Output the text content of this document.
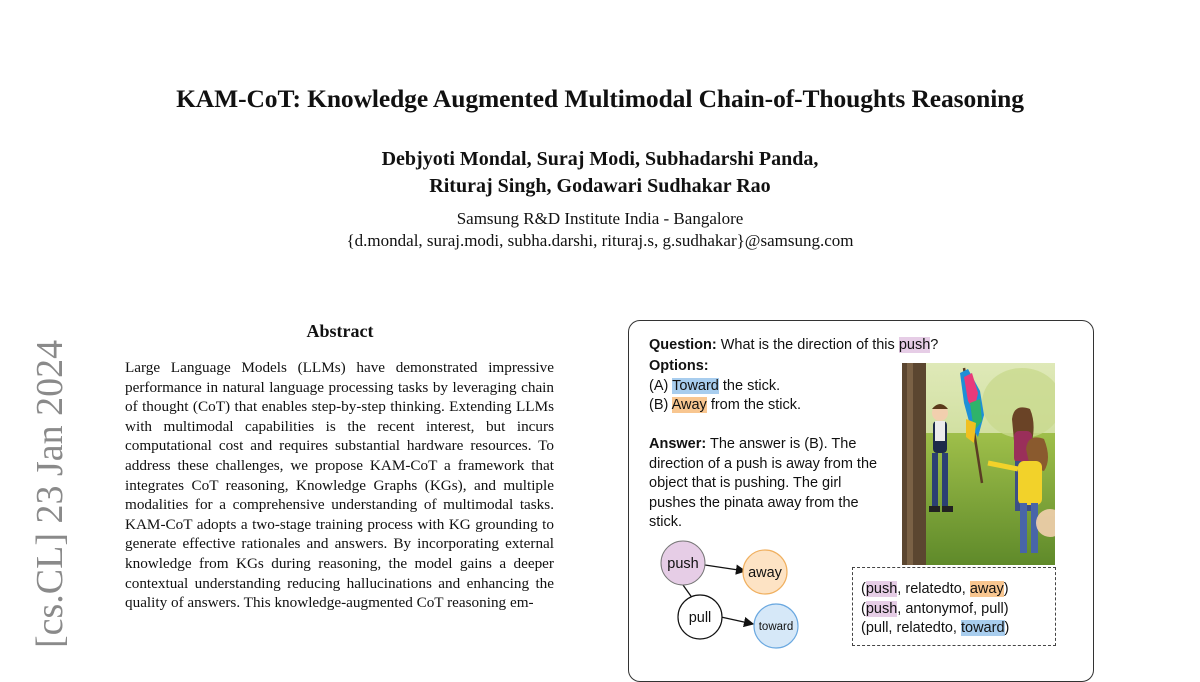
KAM-CoT: Knowledge Augmented Multimodal Chain-of-Thoughts Reasoning
Debjyoti Mondal, Suraj Modi, Subhadarshi Panda,
Rituraj Singh, Godawari Sudhakar Rao
Samsung R&D Institute India - Bangalore
{d.mondal, suraj.modi, subha.darshi, rituraj.s, g.sudhakar}@samsung.com
[cs.CL] 23 Jan 2024
Abstract
Large Language Models (LLMs) have demonstrated impressive performance in natural language processing tasks by leveraging chain of thought (CoT) that enables step-by-step thinking. Extending LLMs with multimodal capabilities is the recent interest, but incurs computational cost and requires substantial hardware resources. To address these challenges, we propose KAM-CoT a framework that integrates CoT reasoning, Knowledge Graphs (KGs), and multiple modalities for a comprehensive understanding of multimodal tasks. KAM-CoT adopts a two-stage training process with KG grounding to generate effective rationales and answers. By incorporating external knowledge from KGs during reasoning, the model gains a deeper contextual understanding reducing hallucinations and enhancing the quality of answers. This knowledge-augmented CoT reasoning em-
Question: What is the direction of this push?
Options:
(A) Toward the stick.
(B) Away from the stick.
Answer: The answer is (B). The direction of a push is away from the object that is pushing. The girl pushes the pinata away from the stick.
push
away
pull
toward
(push, relatedto, away)
(push, antonymof, pull)
(pull, relatedto, toward)
